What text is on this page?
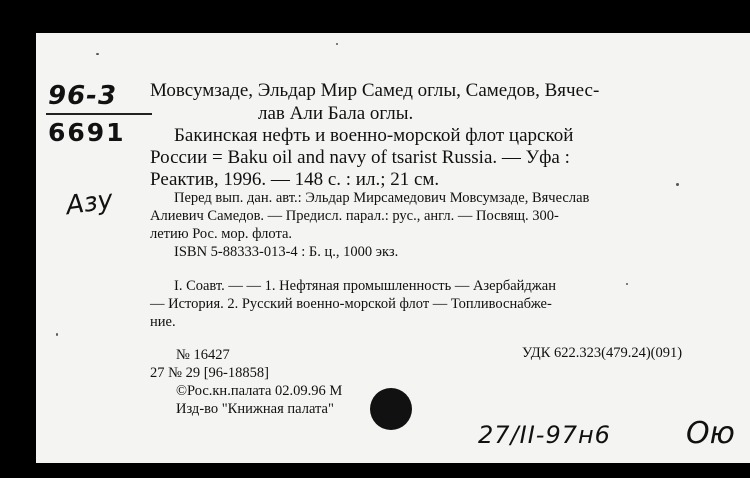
96-3
6691
Азу
Мовсумзаде, Эльдар Мир Самед оглы, Самедов, Вячес-
лав Али Бала оглы.
Бакинская нефть и военно-морской флот царской
России = Baku oil and navy of tsarist Russia. — Уфа :
Реактив, 1996. — 148 с. : ил.; 21 см.
Перед вып. дан. авт.: Эльдар Мирсамедович Мовсумзаде, Вячеслав
Алиевич Самедов. — Предисл. парал.: рус., англ. — Посвящ. 300-
летию Рос. мор. флота.
ISBN 5-88333-013-4 : Б. ц., 1000 экз.
I. Соавт. — — 1. Нефтяная промышленность — Азербайджан
— История. 2. Русский военно-морской флот — Топливоснабже-
ние.
№ 16427	УДК 622.323(479.24)(091)
27 № 29 [96-18858]
©Рос.кн.палата 02.09.96 М
Изд-во "Книжная палата"
27/II-97н6	Ою
